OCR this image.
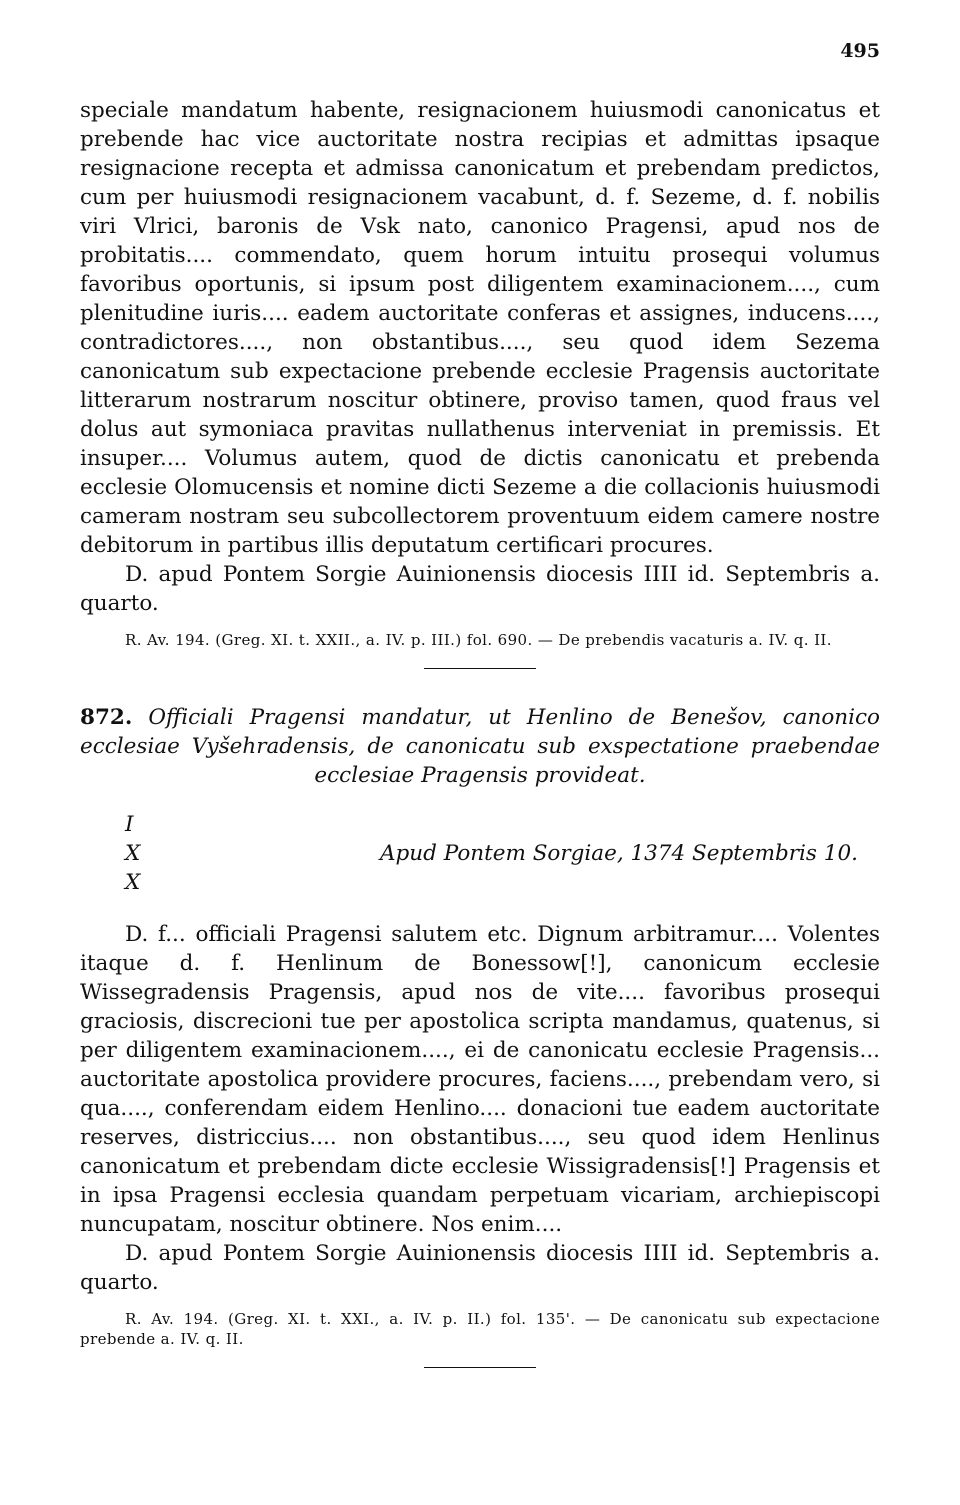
495

speciale mandatum habente, resignacionem huiusmodi canonicatus et prebende hac vice auctoritate nostra recipias et admittas ipsaque resignacione recepta et admissa canonicatum et prebendam predictos, cum per huiusmodi resignacionem vacabunt, d. f. Sezeme, d. f. nobilis viri Vlrici, baronis de Vsk nato, canonico Pragensi, apud nos de probitatis.... commendato, quem horum intuitu prosequi volumus favoribus oportunis, si ipsum post diligentem examinacionem...., cum plenitudine iuris.... eadem auctoritate conferas et assignes, inducens...., contradictores...., non obstantibus...., seu quod idem Sezema canonicatum sub expectacione prebende ecclesie Pragensis auctoritate litterarum nostrarum noscitur obtinere, proviso tamen, quod fraus vel dolus aut symoniaca pravitas nullathenus interveniat in premissis. Et insuper.... Volumus autem, quod de dictis canonicatu et prebenda ecclesie Olomucensis et nomine dicti Sezeme a die collacionis huiusmodi cameram nostram seu subcollectorem proventuum eidem camere nostre debitorum in partibus illis deputatum certificari procures.

D. apud Pontem Sorgie Auinionensis diocesis IIII id. Septembris a. quarto.

R. Av. 194. (Greg. XI. t. XXII., a. IV. p. III.) fol. 690. — De prebendis vacaturis a. IV. q. II.
872. Officiali Pragensi mandatur, ut Henlino de Benešov, canonico ecclesiae Vyšehradensis, de canonicatu sub exspectatione praebendae ecclesiae Pragensis provideat.
I
X
X
Apud Pontem Sorgiae, 1374 Septembris 10.

D. f... officiali Pragensi salutem etc. Dignum arbitramur.... Volentes itaque d. f. Henlinum de Bonessow[!], canonicum ecclesie Wissegradensis Pragensis, apud nos de vite.... favoribus prosequi graciosis, discrecioni tue per apostolica scripta mandamus, quatenus, si per diligentem examinacionem...., ei de canonicatu ecclesie Pragensis... auctoritate apostolica providere procures, faciens...., prebendam vero, si qua...., conferendam eidem Henlino.... donacioni tue eadem auctoritate reserves, districcius.... non obstantibus...., seu quod idem Henlinus canonicatum et prebendam dicte ecclesie Wissigradensis[!] Pragensis et in ipsa Pragensi ecclesia quandam perpetuam vicariam, archiepiscopi nuncupatam, noscitur obtinere. Nos enim....

D. apud Pontem Sorgie Auinionensis diocesis IIII id. Septembris a. quarto.

R. Av. 194. (Greg. XI. t. XXI., a. IV. p. II.) fol. 135'. — De canonicatu sub expectacione prebende a. IV. q. II.
